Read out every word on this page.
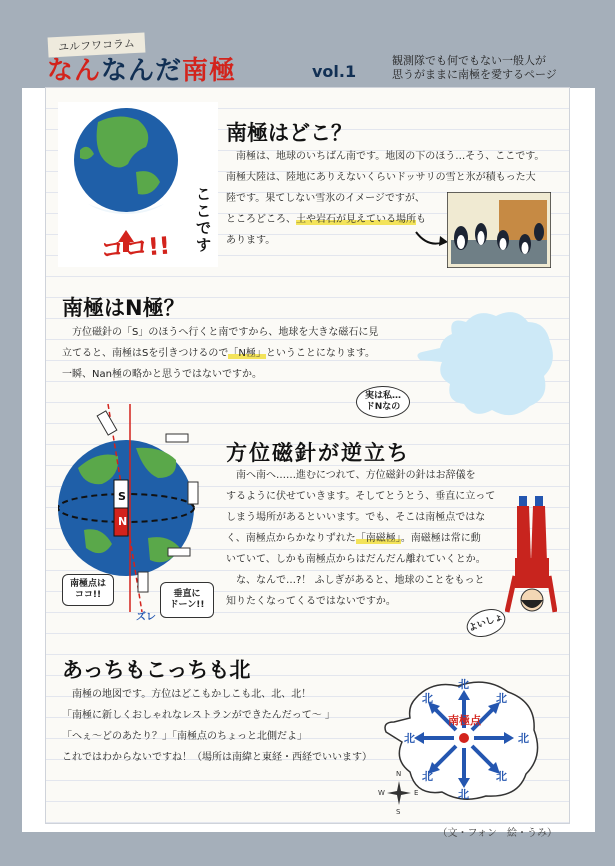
ユルフワコラム
なんなんだ南極	vol.1
観測隊でも何でもない一般人が
思うがままに南極を愛するページ
ココ!!
ここです
南極はどこ？
南極は、地球のいちばん南です。地図の下のほう…そう、ここです。
南極大陸は、陸地にありえないくらいドッサリの雪と氷が積もった大
陸です。果てしない雪氷のイメージですが、
ところどころ、土や岩石が見えている場所も
あります。
南極はN極？
方位磁針の「S」のほうへ行くと南ですから、地球を大きな磁石に見
立てると、南極はSを引きつけるので「N極」ということになります。
一瞬、Nan極の略かと思うではないですか。
実は私…
ドNなの
S
N
南極点は
ココ!!	垂直に
ドーン!!
ズレ
方位磁針が逆立ち
南へ南へ……進むにつれて、方位磁針の針はお辞儀を
するように伏せていきます。そしてとうとう、垂直に立って
しまう場所があるといいます。でも、そこは南極点ではな
く、南極点からかなりずれた「南磁極」。南磁極は常に動
いていて、しかも南極点からはだんだん離れていくとか。
な、なんで…?！ ふしぎがあると、地球のことをもっと
知りたくなってくるではないですか。
よいしょ
あっちもこっちも北
南極の地図です。方位はどこもかしこも北、北、北！
「南極に新しくおしゃれなレストランができたんだって～ 」
「へぇ～どのあたり？」「南極点のちょっと北側だよ」
これではわからないですね！（場所は南緯と東経・西経でいいます）
南極点
北
北
北	北
北	北
北	北
N
S
W	E
（文・フォン　絵・うみ）
